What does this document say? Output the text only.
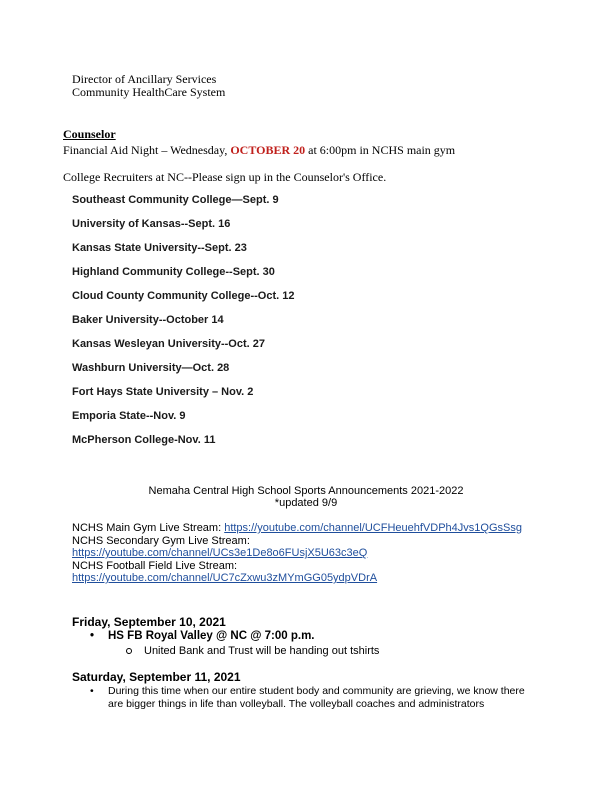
Director of Ancillary Services
Community HealthCare System
Counselor
Financial Aid Night – Wednesday, OCTOBER 20 at 6:00pm in NCHS main gym
College Recruiters at NC--Please sign up in the Counselor's Office.
Southeast Community College—Sept. 9
University of Kansas--Sept. 16
Kansas State University--Sept. 23
Highland Community College--Sept. 30
Cloud County Community College--Oct. 12
Baker University--October 14
Kansas Wesleyan University--Oct. 27
Washburn University—Oct. 28
Fort Hays State University – Nov. 2
Emporia State--Nov. 9
McPherson College-Nov. 11
Nemaha Central High School Sports Announcements 2021-2022
*updated 9/9
NCHS Main Gym Live Stream: https://youtube.com/channel/UCFHeuehfVDPh4Jvs1QGsSsg
NCHS Secondary Gym Live Stream:
https://youtube.com/channel/UCs3e1De8o6FUsjX5U63c3eQ
NCHS Football Field Live Stream:
https://youtube.com/channel/UC7cZxwu3zMYmGG05ydpVDrA
Friday, September 10, 2021
• HS FB Royal Valley @ NC @ 7:00 p.m.
United Bank and Trust will be handing out tshirts
Saturday, September 11, 2021
•	During this time when our entire student body and community are grieving, we know there are bigger things in life than volleyball. The volleyball coaches and administrators
